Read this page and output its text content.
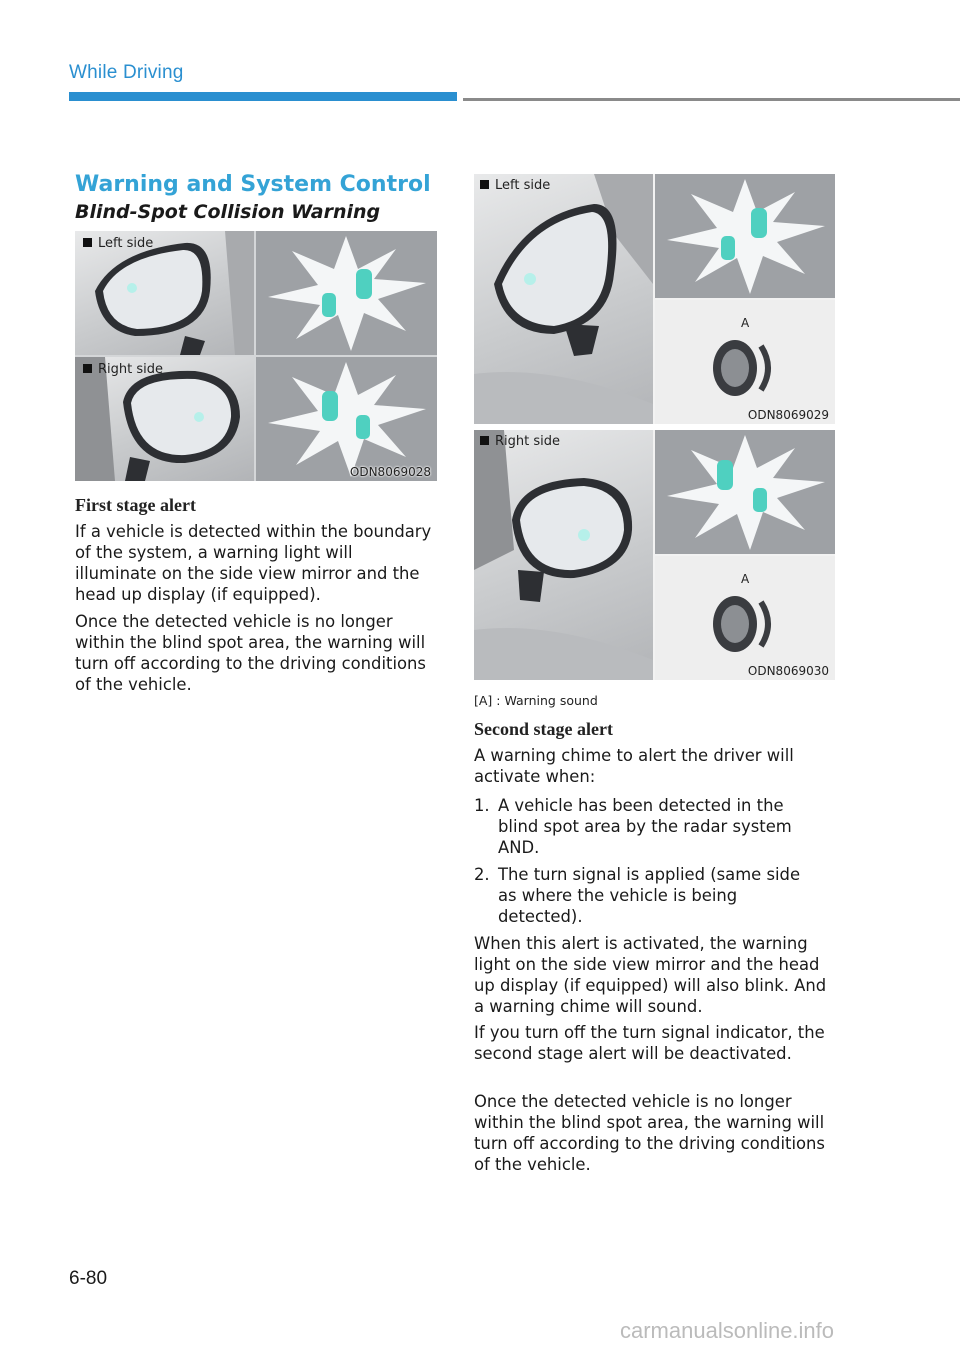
While Driving
Warning and System Control
Blind-Spot Collision Warning
Left side
Right side
ODN8069028
First stage alert
If a vehicle is detected within the boundary of the system, a warning light will illuminate on the side view mirror and the head up display (if equipped).
Once the detected vehicle is no longer within the blind spot area, the warning will turn off according to the driving conditions of the vehicle.
A
Left side
ODN8069029
A
Right side
ODN8069030
[A] : Warning sound
Second stage alert
A warning chime to alert the driver will activate when:
1. A vehicle has been detected in the blind spot area by the radar system AND.
2. The turn signal is applied (same side as where the vehicle is being detected).
When this alert is activated, the warning light on the side view mirror and the head up display (if equipped) will also blink. And a warning chime will sound.
If you turn off the turn signal indicator, the second stage alert will be deactivated.
Once the detected vehicle is no longer within the blind spot area, the warning will turn off according to the driving conditions of the vehicle.
6-80
carmanualsonline.info
